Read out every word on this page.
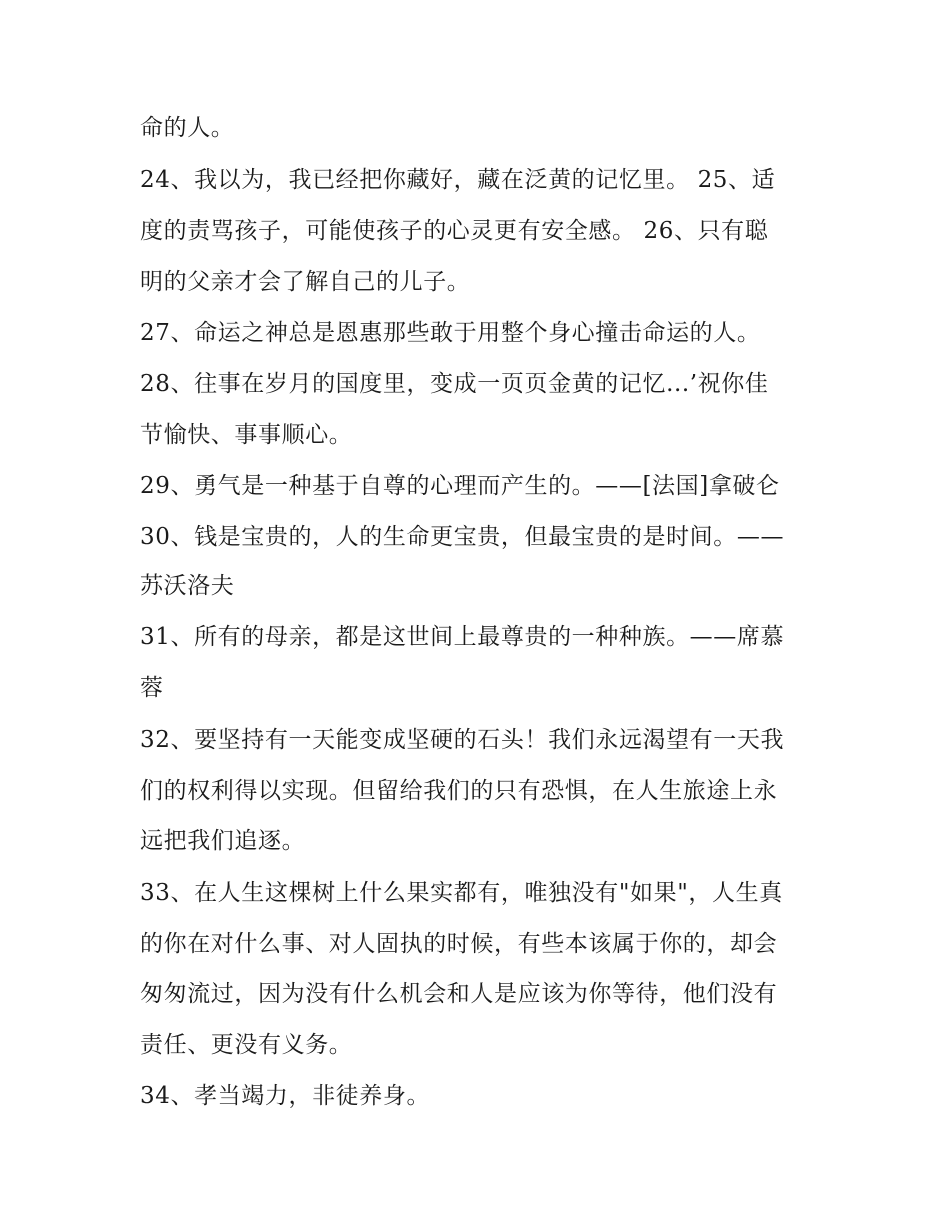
命的人。
24、我以为，我已经把你藏好，藏在泛黄的记忆里。 25、适
度的责骂孩子，可能使孩子的心灵更有安全感。 26、只有聪
明的父亲才会了解自己的儿子。
27、命运之神总是恩惠那些敢于用整个身心撞击命运的人。
28、往事在岁月的国度里，变成一页页金黄的记忆...’祝你佳
节愉快、事事顺心。
29、勇气是一种基于自尊的心理而产生的。——[法国]拿破仑
30、钱是宝贵的，人的生命更宝贵，但最宝贵的是时间。——
苏沃洛夫
31、所有的母亲，都是这世间上最尊贵的一种种族。——席慕
蓉
32、要坚持有一天能变成坚硬的石头！我们永远渴望有一天我
们的权利得以实现。但留给我们的只有恐惧，在人生旅途上永
远把我们追逐。
33、在人生这棵树上什么果实都有，唯独没有"如果"，人生真
的你在对什么事、对人固执的时候，有些本该属于你的，却会
匆匆流过，因为没有什么机会和人是应该为你等待，他们没有
责任、更没有义务。
34、孝当竭力，非徒养身。
